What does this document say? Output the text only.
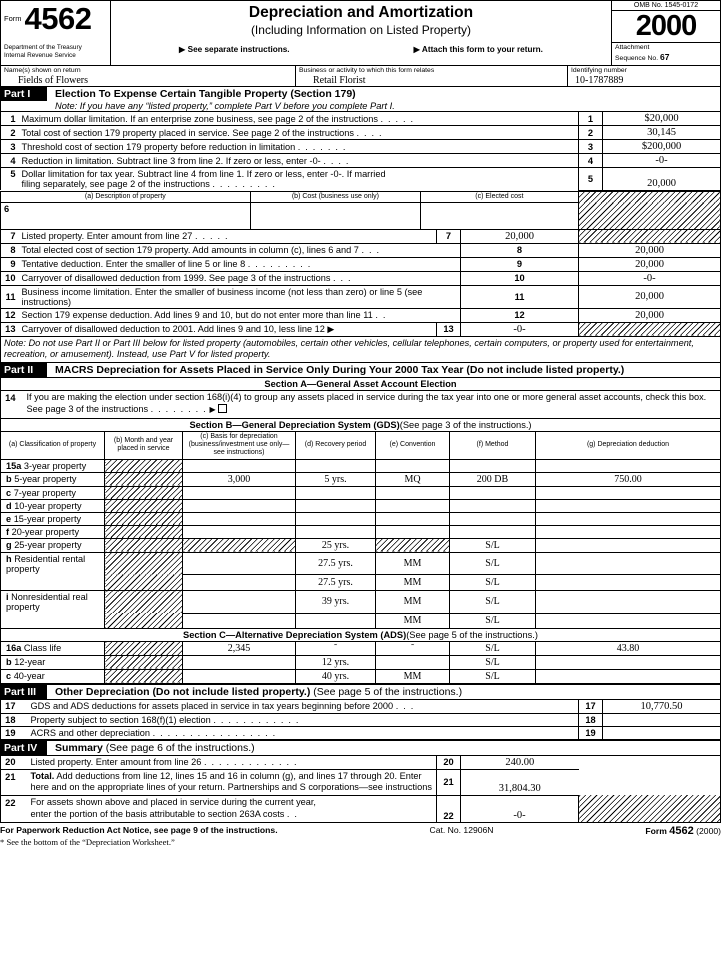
Form 4562
Department of the Treasury
Internal Revenue Service
Depreciation and Amortization
(Including Information on Listed Property)
▶ See separate instructions.	▶ Attach this form to your return.
OMB No. 1545-0172
2000
Attachment
Sequence No. 67
Name(s) shown on return
Fields of Flowers
Business or activity to which this form relates
Retail Florist
Identifying number
10-1787889
Part I	Election To Expense Certain Tangible Property (Section 179)
Note: If you have any “listed property,” complete Part V before you complete Part I.
1	Maximum dollar limitation. If an enterprise zone business, see page 2 of the instructions . . . . .	1	$20,000
2	Total cost of section 179 property placed in service. See page 2 of the instructions . . . .	2	30,145
3	Threshold cost of section 179 property before reduction in limitation . . . . . . .	3	$200,000
4	Reduction in limitation. Subtract line 3 from line 2. If zero or less, enter -0- . . . .	4	-0-
5	Dollar limitation for tax year. Subtract line 4 from line 1. If zero or less, enter -0-. If married
filing separately, see page 2 of the instructions . . . . . . . . .	5	20,000
(a) Description of property	(b) Cost (business use only)	(c) Elected cost	
6			
7	Listed property. Enter amount from line 27 . . . . .	7	20,000	
8	Total elected cost of section 179 property. Add amounts in column (c), lines 6 and 7 . . .		8	20,000
9	Tentative deduction. Enter the smaller of line 5 or line 8 . . . . . . . . .		9	20,000
10	Carryover of disallowed deduction from 1999. See page 3 of the instructions . . .		10	-0-
11	Business income limitation. Enter the smaller of business income (not less than zero) or line 5 (see instructions)		11	20,000
12	Section 179 expense deduction. Add lines 9 and 10, but do not enter more than line 11 . .		12	20,000
13	Carryover of disallowed deduction to 2001. Add lines 9 and 10, less line 12 ▶	13	-0-	
Note: Do not use Part II or Part III below for listed property (automobiles, certain other vehicles, cellular telephones, certain computers, or property used for entertainment, recreation, or amusement). Instead, use Part V for listed property.
Part II	MACRS Depreciation for Assets Placed in Service Only During Your 2000 Tax Year (Do not include listed property.)
Section A—General Asset Account Election
14	If you are making the election under section 168(i)(4) to group any assets placed in service during the tax year into one or more general asset accounts, check this box. See page 3 of the instructions . . . . . . . . ▶
Section B—General Depreciation System (GDS)(See page 3 of the instructions.)
(a) Classification of property	(b) Month and year placed in service	(c) Basis for depreciation (business/investment use only—see instructions)	(d) Recovery period	(e) Convention	(f) Method	(g) Depreciation deduction
15a 3-year property						
b 5-year property		3,000	5 yrs.	MQ	200 DB	750.00
c 7-year property						
d 10-year property						
e 15-year property						
f 20-year property						
g 25-year property			25 yrs.		S/L	
h Residential rental property			27.5 yrs.	MM	S/L	
			27.5 yrs.	MM	S/L	
i Nonresidential real property			39 yrs.	MM	S/L	
				MM	S/L	
Section C—Alternative Depreciation System (ADS)(See page 5 of the instructions.)
16a Class life		2,345	˜	˜	S/L	43.80
b 12-year			12 yrs.		S/L	
c 40-year			40 yrs.	MM	S/L	
Part III	Other Depreciation (Do not include listed property.) (See page 5 of the instructions.)
17	GDS and ADS deductions for assets placed in service in tax years beginning before 2000 . . .	17	10,770.50
18	Property subject to section 168(f)(1) election . . . . . . . . . . . .	18	
19	ACRS and other depreciation . . . . . . . . . . . . . . . . .	19	
Part IV	Summary (See page 6 of the instructions.)
20	Listed property. Enter amount from line 26 . . . . . . . . . . . . .	20	240.00	
21	Total. Add deductions from line 12, lines 15 and 16 in column (g), and lines 17 through 20. Enter
here and on the appropriate lines of your return. Partnerships and S corporations—see instructions	21	31,804.30	
22	For assets shown above and placed in service during the current year,
enter the portion of the basis attributable to section 263A costs . .	22	-0-	
For Paperwork Reduction Act Notice, see page 9 of the instructions.	Cat. No. 12906N	Form 4562 (2000)
* See the bottom of the “Depreciation Worksheet.”
